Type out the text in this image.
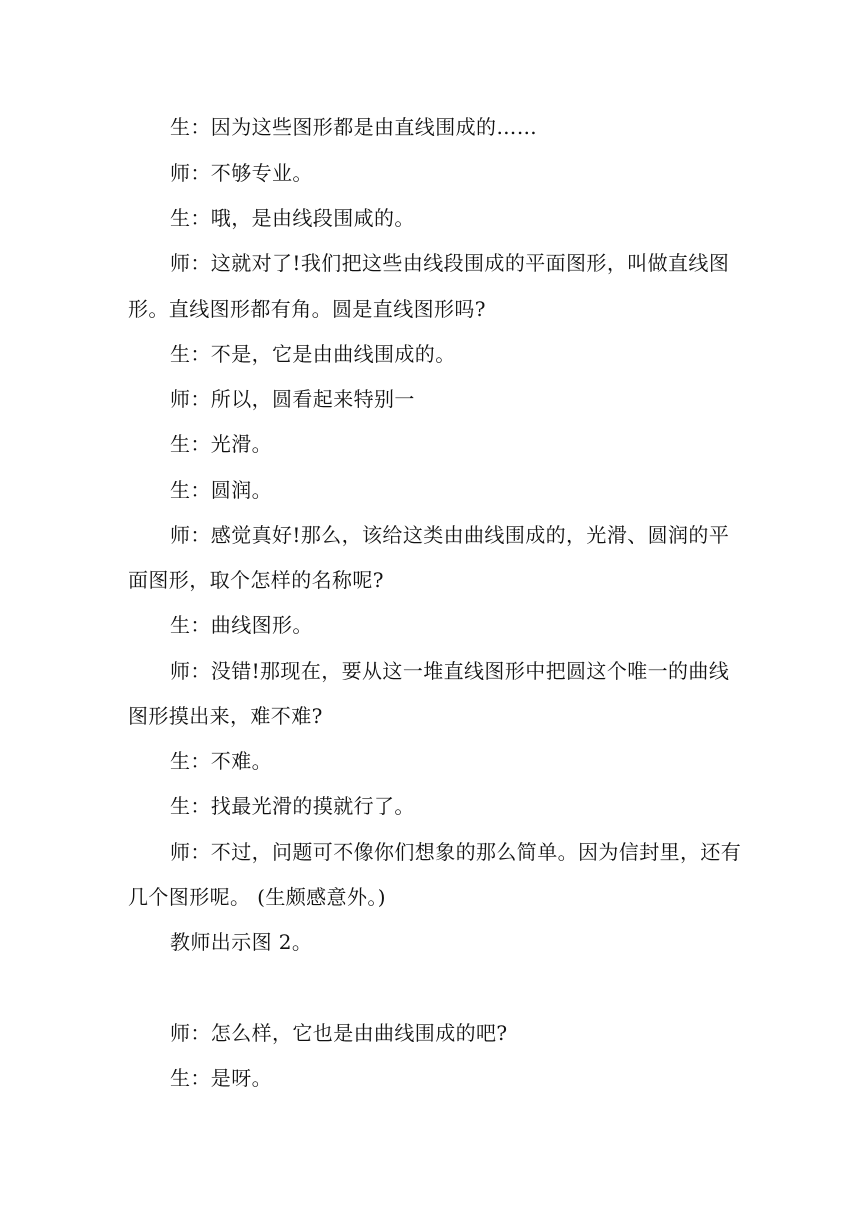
生：因为这些图形都是由直线围成的……
师：不够专业。
生：哦，是由线段围咸的。
师：这就对了!我们把这些由线段围成的平面图形，叫做直线图
形。直线图形都有角。圆是直线图形吗?
生：不是，它是由曲线围成的。
师：所以，圆看起来特别一
生：光滑。
生：圆润。
师：感觉真好!那么，该给这类由曲线围成的，光滑、圆润的平
面图形，取个怎样的名称呢?
生：曲线图形。
师：没错!那现在，要从这一堆直线图形中把圆这个唯一的曲线
图形摸出来，难不难?
生：不难。
生：找最光滑的摸就行了。
师：不过，问题可不像你们想象的那么简单。因为信封里，还有
几个图形呢。 (生颇感意外。)
教师出示图 2。
师：怎么样，它也是由曲线围成的吧?
生：是呀。
